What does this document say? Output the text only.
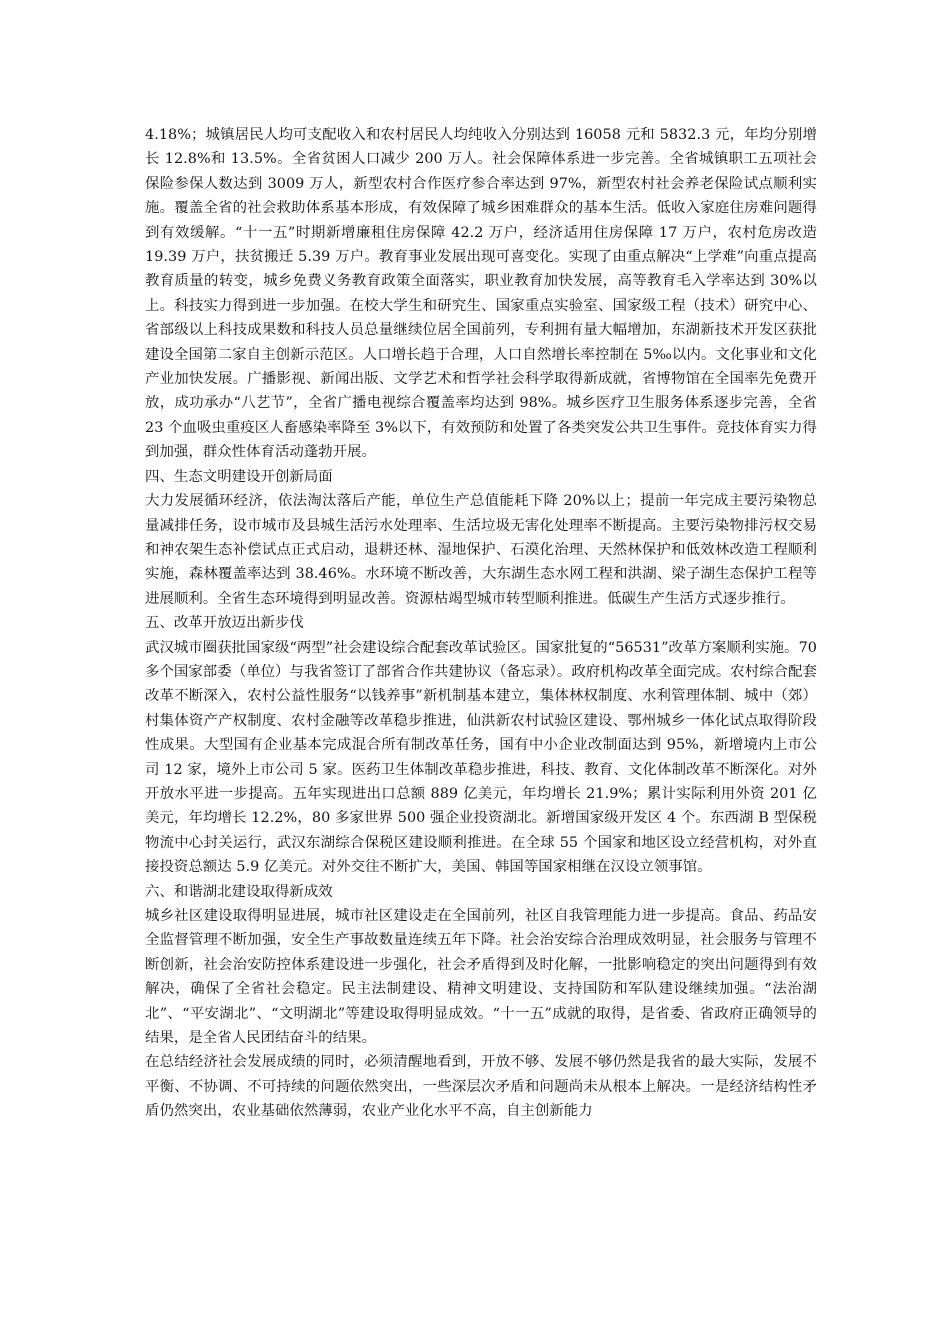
4.18%；城镇居民人均可支配收入和农村居民人均纯收入分别达到 16058 元和 5832.3 元，年均分别增长 12.8%和 13.5%。全省贫困人口减少 200 万人。社会保障体系进一步完善。全省城镇职工五项社会保险参保人数达到 3009 万人，新型农村合作医疗参合率达到 97%，新型农村社会养老保险试点顺利实施。覆盖全省的社会救助体系基本形成，有效保障了城乡困难群众的基本生活。低收入家庭住房难问题得到有效缓解。“十一五”时期新增廉租住房保障 42.2 万户，经济适用住房保障 17 万户，农村危房改造 19.39 万户，扶贫搬迁 5.39 万户。教育事业发展出现可喜变化。实现了由重点解决“上学难”向重点提高教育质量的转变，城乡免费义务教育政策全面落实，职业教育加快发展，高等教育毛入学率达到 30%以上。科技实力得到进一步加强。在校大学生和研究生、国家重点实验室、国家级工程（技术）研究中心、省部级以上科技成果数和科技人员总量继续位居全国前列，专利拥有量大幅增加，东湖新技术开发区获批建设全国第二家自主创新示范区。人口增长趋于合理，人口自然增长率控制在 5‰以内。文化事业和文化产业加快发展。广播影视、新闻出版、文学艺术和哲学社会科学取得新成就，省博物馆在全国率先免费开放，成功承办“八艺节”，全省广播电视综合覆盖率均达到 98%。城乡医疗卫生服务体系逐步完善，全省 23 个血吸虫重疫区人畜感染率降至 3%以下，有效预防和处置了各类突发公共卫生事件。竞技体育实力得到加强，群众性体育活动蓬勃开展。

四、生态文明建设开创新局面

大力发展循环经济，依法淘汰落后产能，单位生产总值能耗下降 20%以上；提前一年完成主要污染物总量减排任务，设市城市及县城生活污水处理率、生活垃圾无害化处理率不断提高。主要污染物排污权交易和神农架生态补偿试点正式启动，退耕还林、湿地保护、石漠化治理、天然林保护和低效林改造工程顺利实施，森林覆盖率达到 38.46%。水环境不断改善，大东湖生态水网工程和洪湖、梁子湖生态保护工程等进展顺利。全省生态环境得到明显改善。资源枯竭型城市转型顺利推进。低碳生产生活方式逐步推行。

五、改革开放迈出新步伐

武汉城市圈获批国家级“两型”社会建设综合配套改革试验区。国家批复的“56531”改革方案顺利实施。70 多个国家部委（单位）与我省签订了部省合作共建协议（备忘录）。政府机构改革全面完成。农村综合配套改革不断深入，农村公益性服务“以钱养事”新机制基本建立，集体林权制度、水利管理体制、城中（郊）村集体资产产权制度、农村金融等改革稳步推进，仙洪新农村试验区建设、鄂州城乡一体化试点取得阶段性成果。大型国有企业基本完成混合所有制改革任务，国有中小企业改制面达到 95%，新增境内上市公司 12 家，境外上市公司 5 家。医药卫生体制改革稳步推进，科技、教育、文化体制改革不断深化。对外开放水平进一步提高。五年实现进出口总额 889 亿美元，年均增长 21.9%；累计实际利用外资 201 亿美元，年均增长 12.2%，80 多家世界 500 强企业投资湖北。新增国家级开发区 4 个。东西湖 B 型保税物流中心封关运行，武汉东湖综合保税区建设顺利推进。在全球 55 个国家和地区设立经营机构，对外直接投资总额达 5.9 亿美元。对外交往不断扩大，美国、韩国等国家相继在汉设立领事馆。

六、和谐湖北建设取得新成效

城乡社区建设取得明显进展，城市社区建设走在全国前列，社区自我管理能力进一步提高。食品、药品安全监督管理不断加强，安全生产事故数量连续五年下降。社会治安综合治理成效明显，社会服务与管理不断创新，社会治安防控体系建设进一步强化，社会矛盾得到及时化解，一批影响稳定的突出问题得到有效解决，确保了全省社会稳定。民主法制建设、精神文明建设、支持国防和军队建设继续加强。“法治湖北”、“平安湖北”、“文明湖北”等建设取得明显成效。“十一五”成就的取得，是省委、省政府正确领导的结果，是全省人民团结奋斗的结果。

在总结经济社会发展成绩的同时，必须清醒地看到，开放不够、发展不够仍然是我省的最大实际，发展不平衡、不协调、不可持续的问题依然突出，一些深层次矛盾和问题尚未从根本上解决。一是经济结构性矛盾仍然突出，农业基础依然薄弱，农业产业化水平不高，自主创新能力
